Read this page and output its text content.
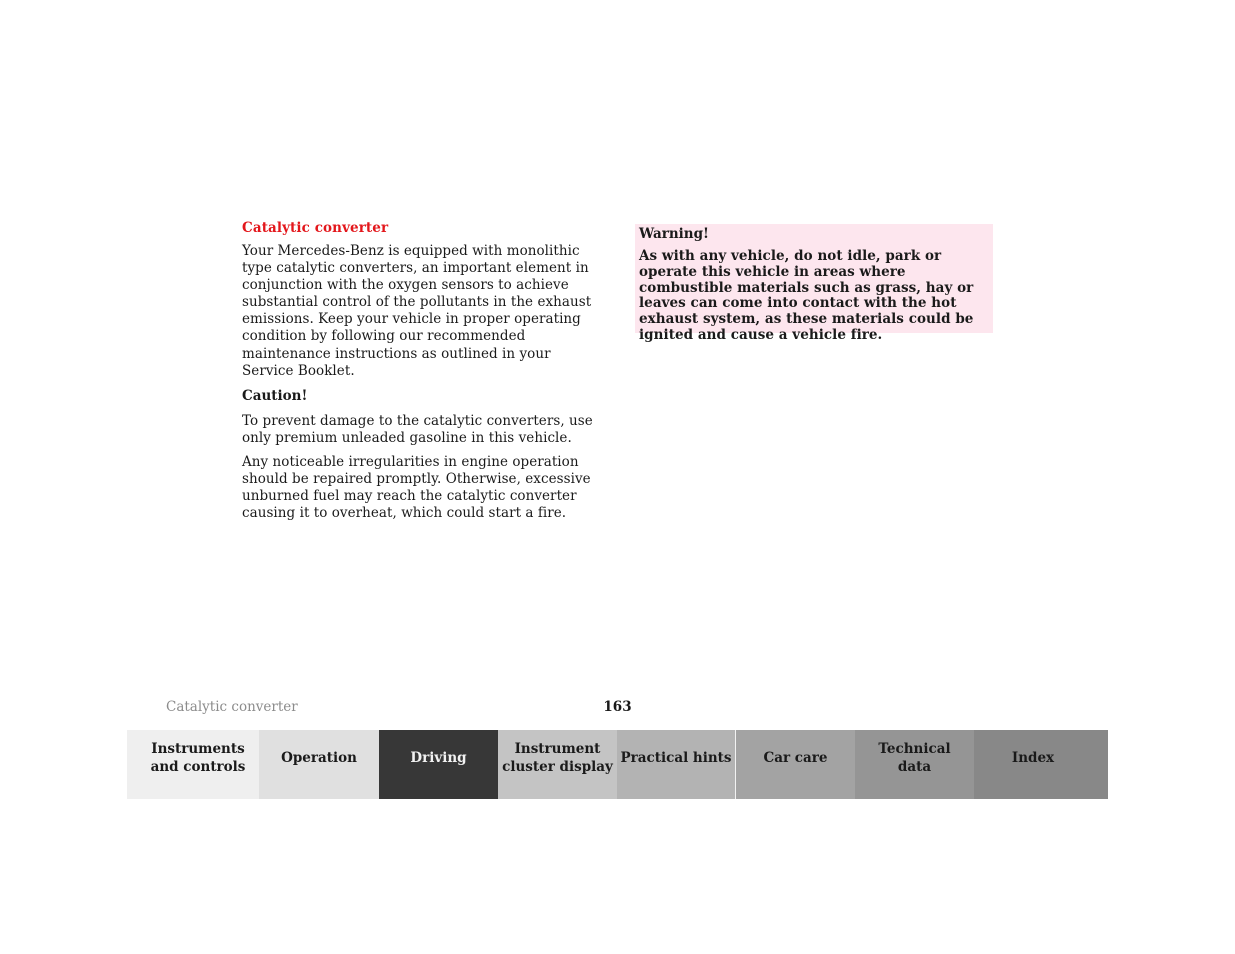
Catalytic converter

Your Mercedes-Benz is equipped with monolithic type catalytic converters, an important element in conjunction with the oxygen sensors to achieve substantial control of the pollutants in the exhaust emissions. Keep your vehicle in proper operating condition by following our recommended maintenance instructions as outlined in your Service Booklet.

Caution!

To prevent damage to the catalytic converters, use only premium unleaded gasoline in this vehicle.

Any noticeable irregularities in engine operation should be repaired promptly. Otherwise, excessive unburned fuel may reach the catalytic converter causing it to overheat, which could start a fire.

Warning!

As with any vehicle, do not idle, park or operate this vehicle in areas where combustible materials such as grass, hay or leaves can come into contact with the hot exhaust system, as these materials could be ignited and cause a vehicle fire.

Catalytic converter	163
Instruments
and controls
Operation	Driving
Instrument
cluster display
Practical hints	Car care
Technical
data
Index
